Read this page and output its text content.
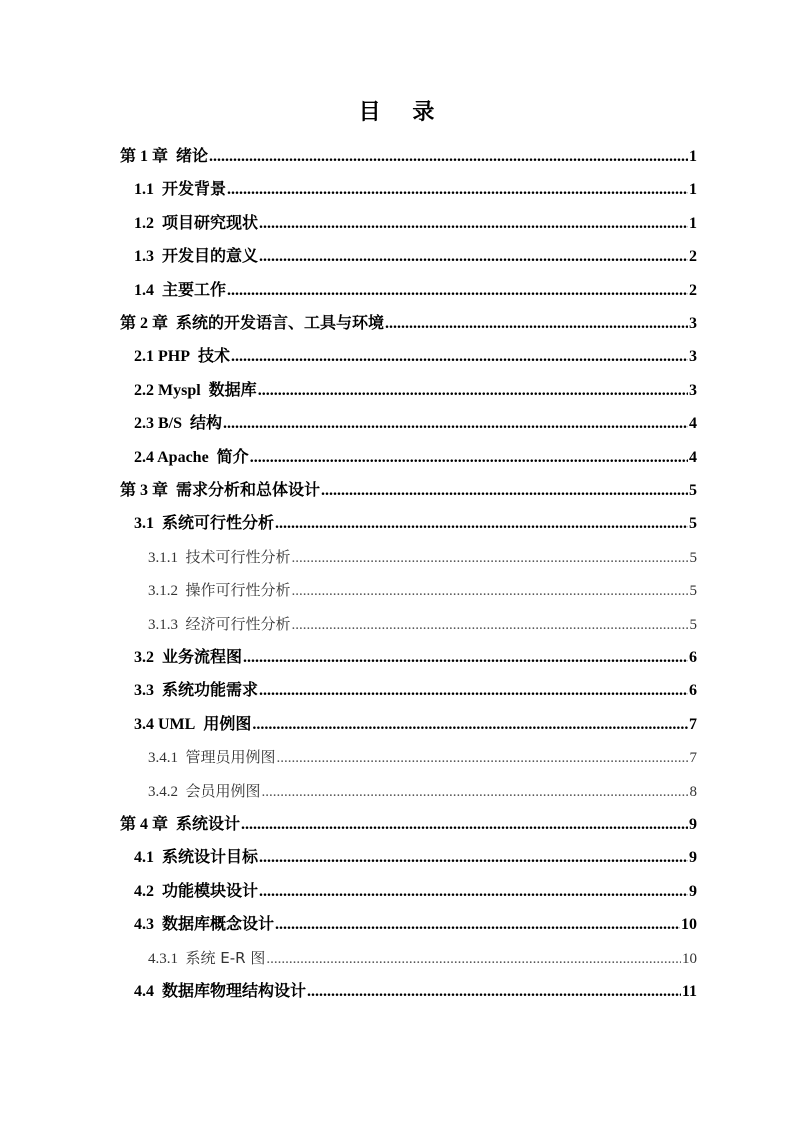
目 录
第 1 章 绪论 .....	1
1.1 开发背景 .....	1
1.2 项目研究现状 .....	1
1.3 开发目的意义 .....	2
1.4 主要工作 .....	2
第 2 章 系统的开发语言、工具与环境 .....	3
2.1 PHP 技术 .....	3
2.2 Myspl 数据库 .....	3
2.3 B/S 结构 .....	4
2.4 Apache 简介 .....	4
第 3 章 需求分析和总体设计 .....	5
3.1 系统可行性分析 .....	5
3.1.1 技术可行性分析 .....	5
3.1.2 操作可行性分析 .....	5
3.1.3 经济可行性分析 .....	5
3.2 业务流程图 .....	6
3.3 系统功能需求 .....	6
3.4 UML 用例图 .....	7
3.4.1 管理员用例图 .....	7
3.4.2 会员用例图 .....	8
第 4 章 系统设计 .....	9
4.1 系统设计目标 .....	9
4.2 功能模块设计 .....	9
4.3 数据库概念设计 .....	10
4.3.1 系统 E-R 图 .....	10
4.4 数据库物理结构设计 .....	11
